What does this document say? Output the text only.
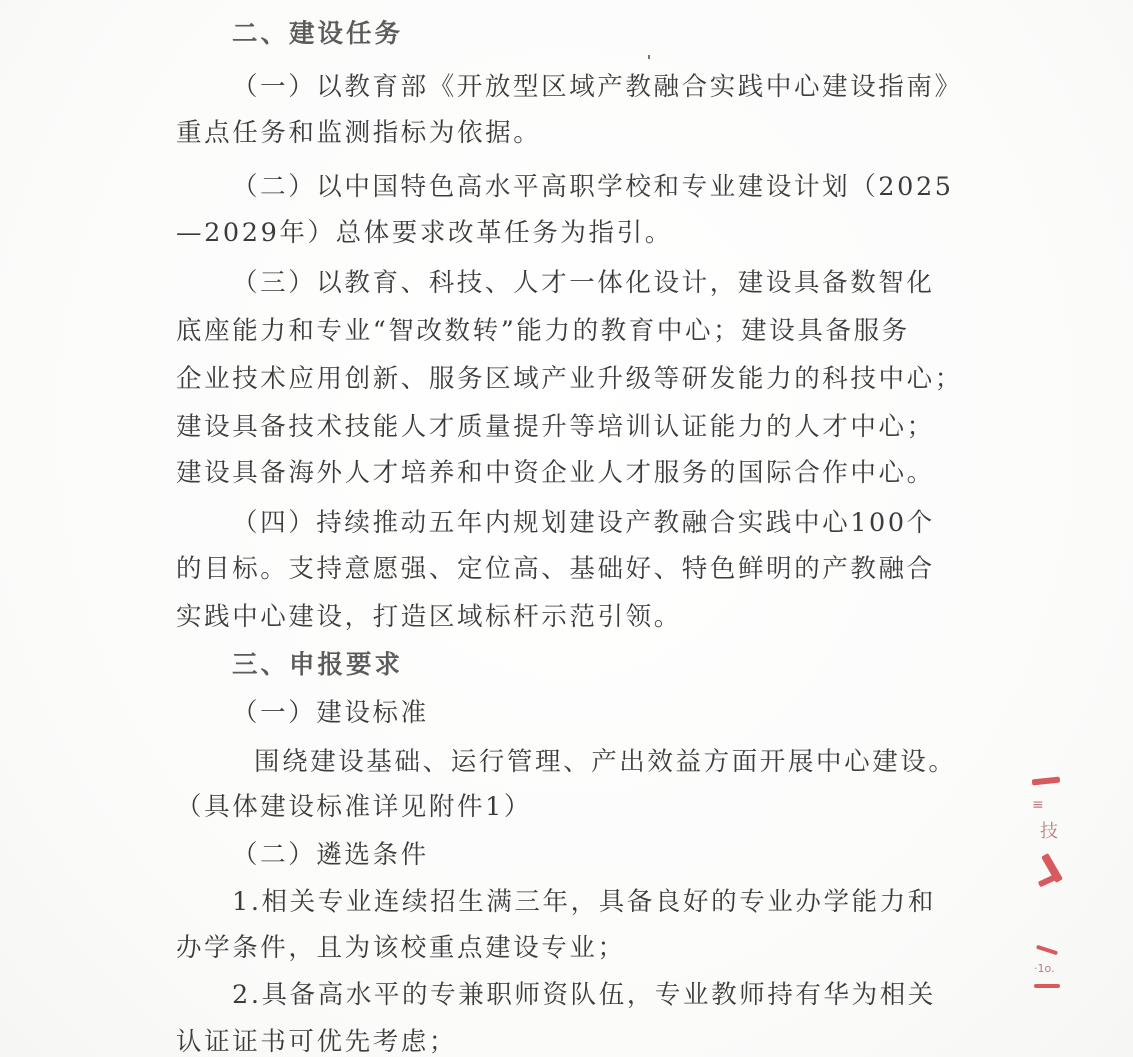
二、建设任务
（一）以教育部《开放型区域产教融合实践中心建设指南》
重点任务和监测指标为依据。
（二）以中国特色高水平高职学校和专业建设计划（2025
—2029年）总体要求改革任务为指引。
（三）以教育、科技、人才一体化设计，建设具备数智化
底座能力和专业“智改数转”能力的教育中心；建设具备服务
企业技术应用创新、服务区域产业升级等研发能力的科技中心；
建设具备技术技能人才质量提升等培训认证能力的人才中心；
建设具备海外人才培养和中资企业人才服务的国际合作中心。
（四）持续推动五年内规划建设产教融合实践中心100个
的目标。支持意愿强、定位高、基础好、特色鲜明的产教融合
实践中心建设，打造区域标杆示范引领。
三、申报要求
（一）建设标准
围绕建设基础、运行管理、产出效益方面开展中心建设。
（具体建设标准详见附件1）
（二）遴选条件
1.相关专业连续招生满三年，具备良好的专业办学能力和
办学条件，且为该校重点建设专业；
2.具备高水平的专兼职师资队伍，专业教师持有华为相关
认证证书可优先考虑；
≡
技
·1o.
